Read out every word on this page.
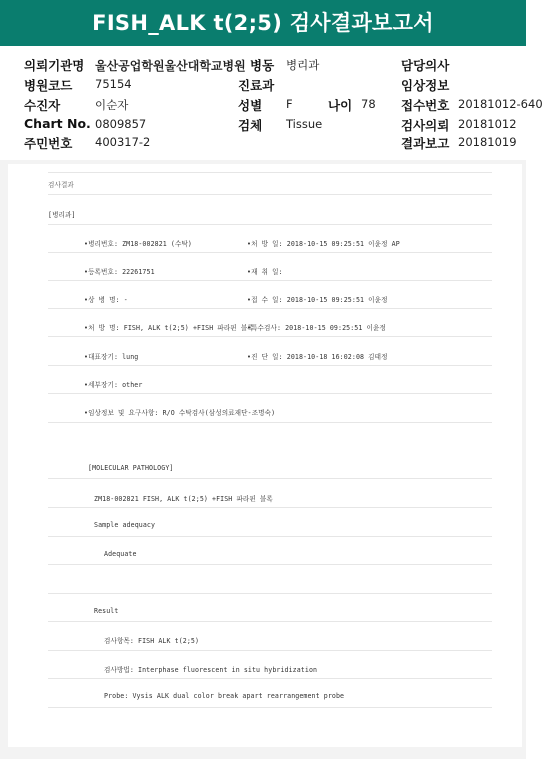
FISH_ALK t(2;5) 검사결과보고서
의뢰기관명 울산공업학원울산대학교병원 병동 병리과	담당의사
병원코드 75154	진료과	임상정보
수진자	이순자	성별 F	나이 78 접수번호 20181012-640
Chart No. 0809857	검체 Tissue	검사의뢰 20181012
주민번호 400317-2	결과보고 20181019
검사결과
[병리과]
•병리번호: ZM18-002821 (수탁)	•처 방 일: 2018-10-15 09:25:51 이윤정 AP
•등록번호: 22261751	•재 취 일:
•상 병 명: -	•접 수 일: 2018-10-15 09:25:51 이윤정
•처 방 명: FISH, ALK t(2;5) +FISH 파라핀 블록
•특수검사: 2018-10-15 09:25:51 이윤정
•대표장기: lung	•진 단 일: 2018-10-18 16:02:08 김태정
•세부장기: other
•임상정보 및 요구사항: R/O 수탁검사(삼성의료재단-조명숙)
[MOLECULAR PATHOLOGY]
ZM18-002821 FISH, ALK t(2;5) +FISH 파라핀 블록
Sample adequacy
Adequate
Result
검사항목: FISH ALK t(2;5)
검사방법: Interphase fluorescent in situ hybridization
Probe: Vysis ALK dual color break apart rearrangement probe
